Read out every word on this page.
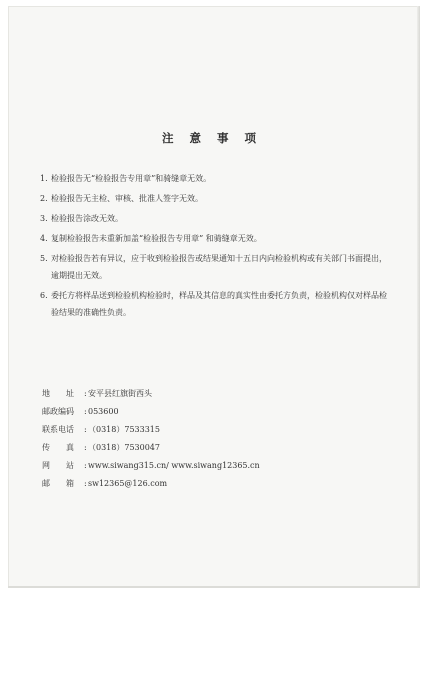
注 意 事 项
1. 检验报告无“检验报告专用章”和骑缝章无效。
2. 检验报告无主检、审核、批准人签字无效。
3. 检验报告涂改无效。
4. 复制检验报告未重新加盖“检验报告专用章” 和骑缝章无效。
5. 对检验报告若有异议，应于收到检验报告或结果通知十五日内向检验机构或有关部门书面提出，逾期提出无效。
6. 委托方将样品送到检验机构检验时，样品及其信息的真实性由委托方负责，检验机构仅对样品检验结果的准确性负责。
地　　址	: 安平县红旗街西头
邮政编码	: 053600
联系电话	: （0318）7533315
传　　真	: （0318）7530047
网　　站	: www.siwang315.cn/ www.siwang12365.cn
邮　　箱	: sw12365@126.com
